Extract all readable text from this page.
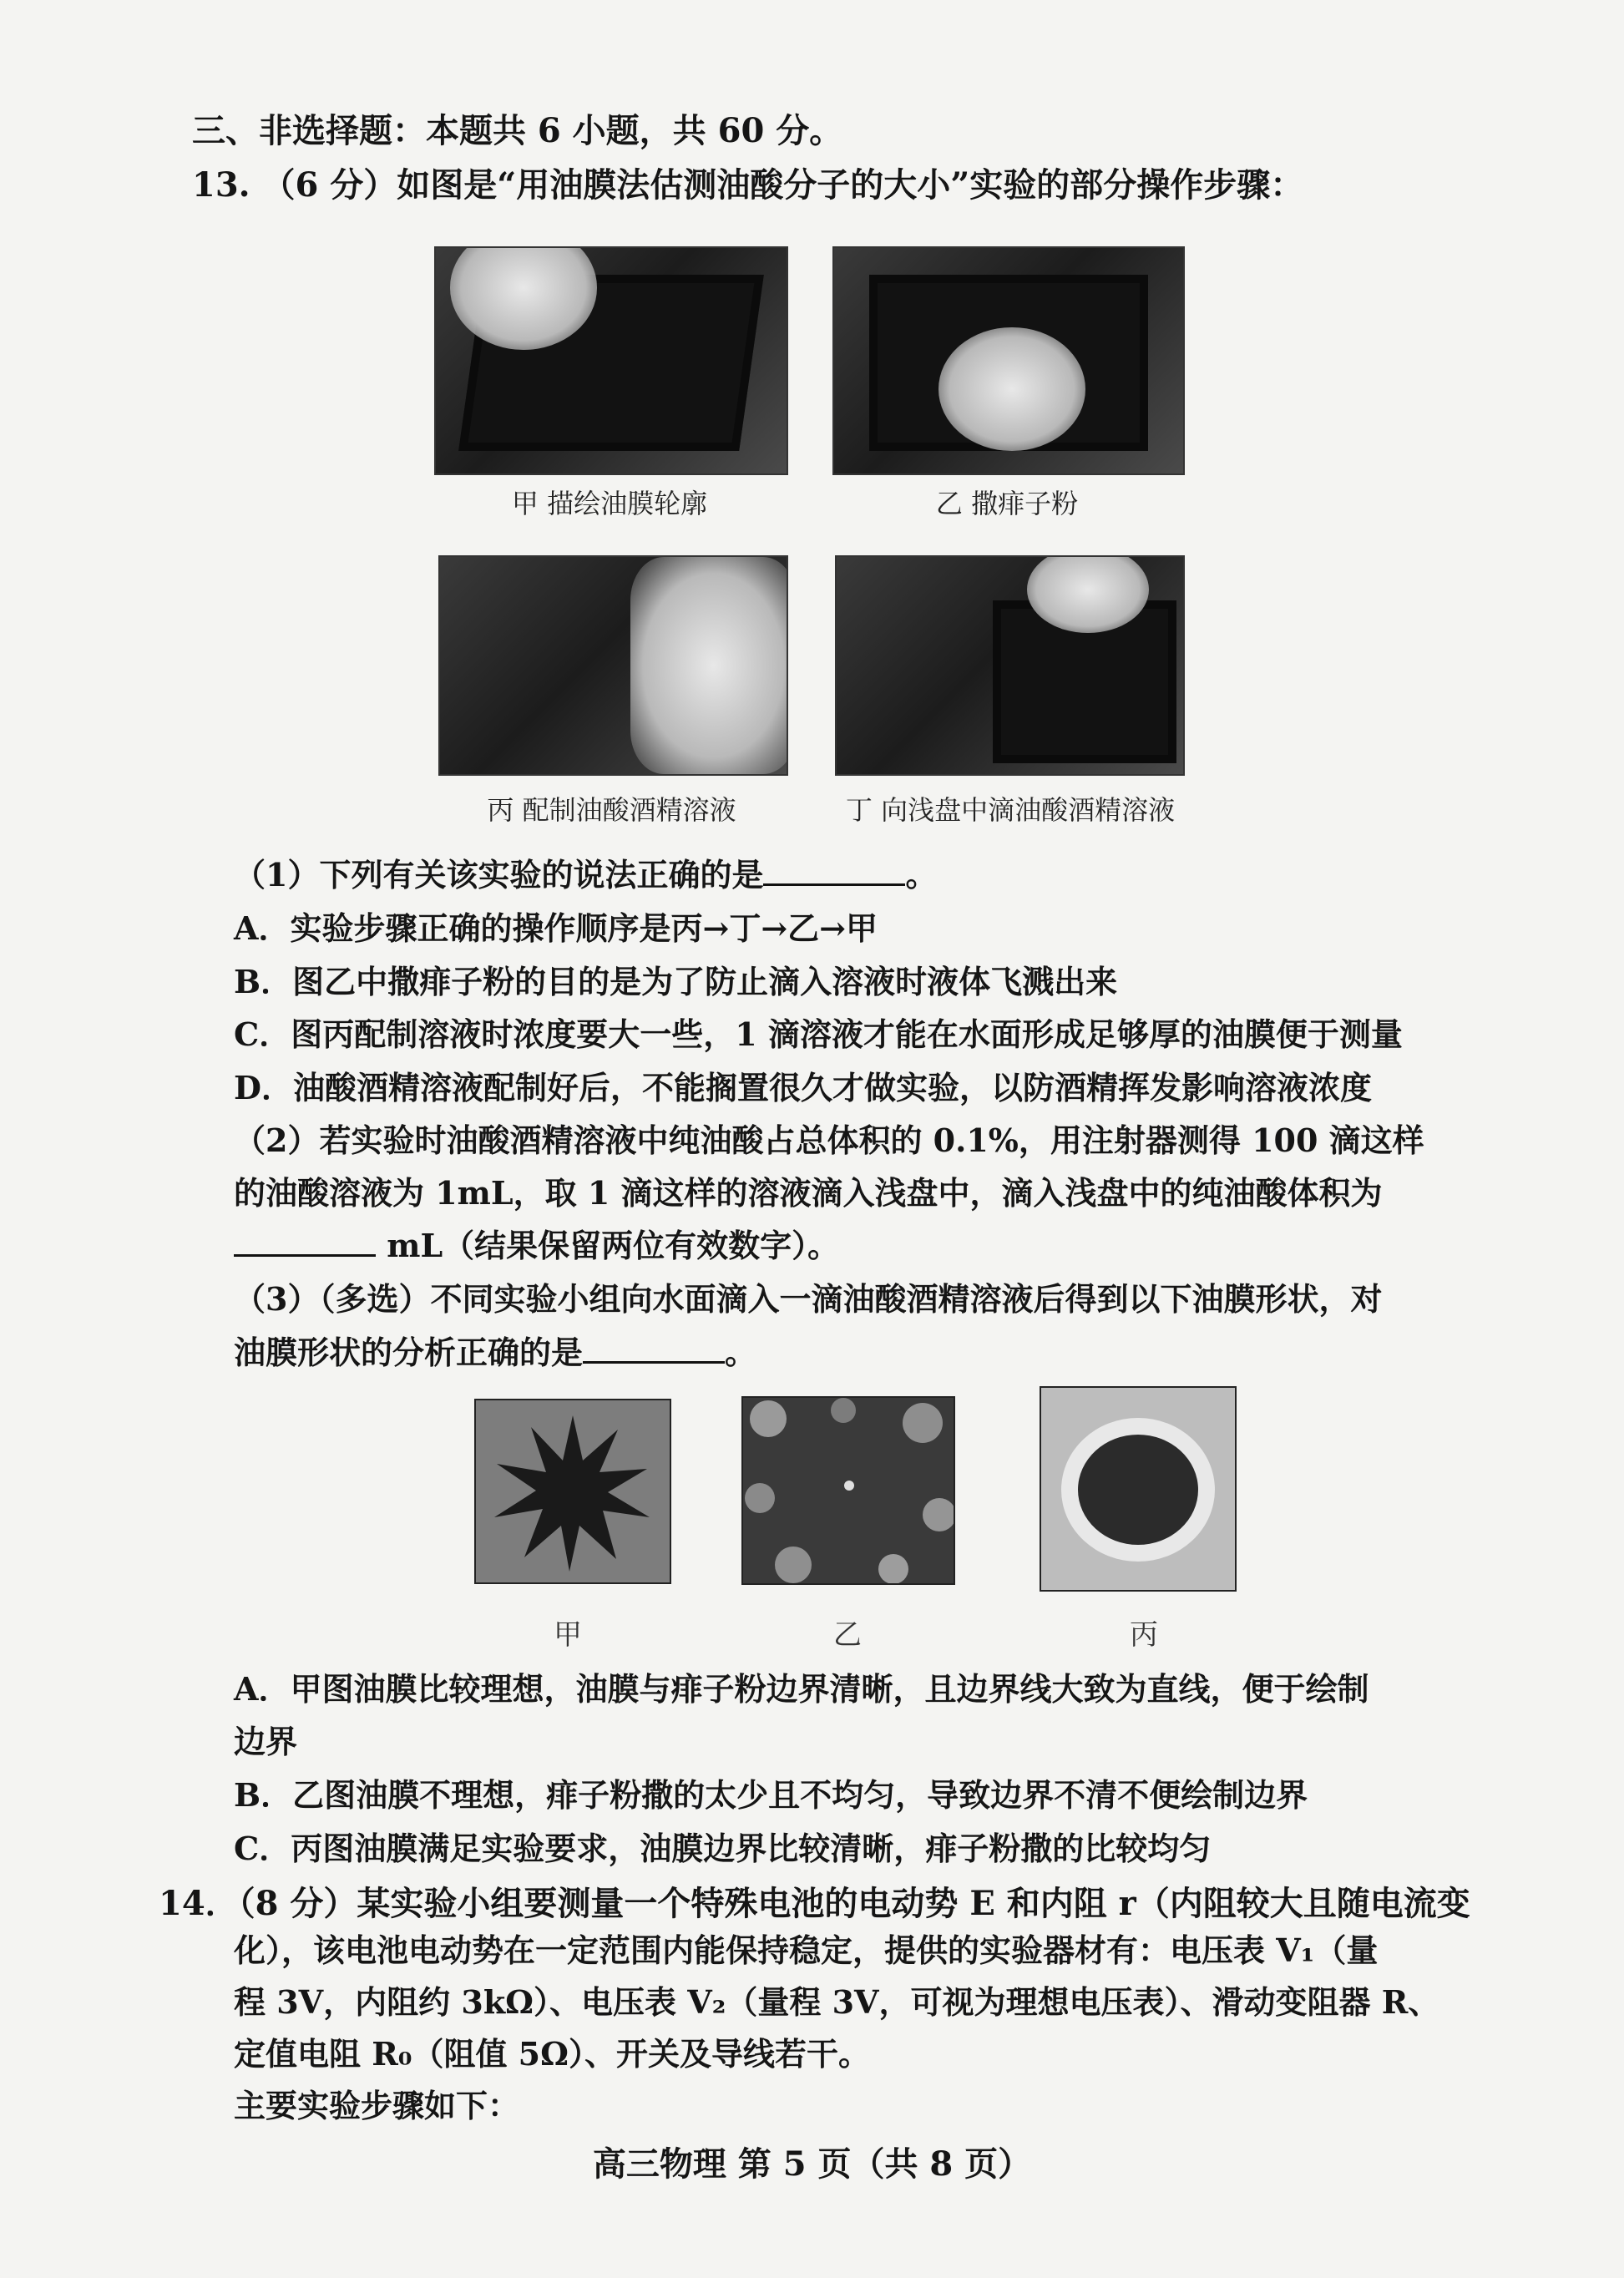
三、非选择题：本题共 6 小题，共 60 分。
13. （6 分）如图是“用油膜法估测油酸分子的大小”实验的部分操作步骤：
甲 描绘油膜轮廓	乙 撒痱子粉
丙 配制油酸酒精溶液	丁 向浅盘中滴油酸酒精溶液
（1）下列有关该实验的说法正确的是	。
A．实验步骤正确的操作顺序是丙→丁→乙→甲
B．图乙中撒痱子粉的目的是为了防止滴入溶液时液体飞溅出来
C．图丙配制溶液时浓度要大一些，1 滴溶液才能在水面形成足够厚的油膜便于测量
D．油酸酒精溶液配制好后，不能搁置很久才做实验，以防酒精挥发影响溶液浓度
（2）若实验时油酸酒精溶液中纯油酸占总体积的 0.1%，用注射器测得 100 滴这样
的油酸溶液为 1mL，取 1 滴这样的溶液滴入浅盘中，滴入浅盘中的纯油酸体积为
mL（结果保留两位有效数字）。
（3）（多选）不同实验小组向水面滴入一滴油酸酒精溶液后得到以下油膜形状，对
油膜形状的分析正确的是	。
甲	乙	丙
A．甲图油膜比较理想，油膜与痱子粉边界清晰，且边界线大致为直线，便于绘制
边界
B．乙图油膜不理想，痱子粉撒的太少且不均匀，导致边界不清不便绘制边界
C．丙图油膜满足实验要求，油膜边界比较清晰，痱子粉撒的比较均匀
14．（8 分）某实验小组要测量一个特殊电池的电动势 E 和内阻 r（内阻较大且随电流变
化），该电池电动势在一定范围内能保持稳定，提供的实验器材有：电压表 V₁（量
程 3V，内阻约 3kΩ）、电压表 V₂（量程 3V，可视为理想电压表）、滑动变阻器 R、
定值电阻 R₀（阻值 5Ω）、开关及导线若干。
主要实验步骤如下：
高三物理 第 5 页（共 8 页）
